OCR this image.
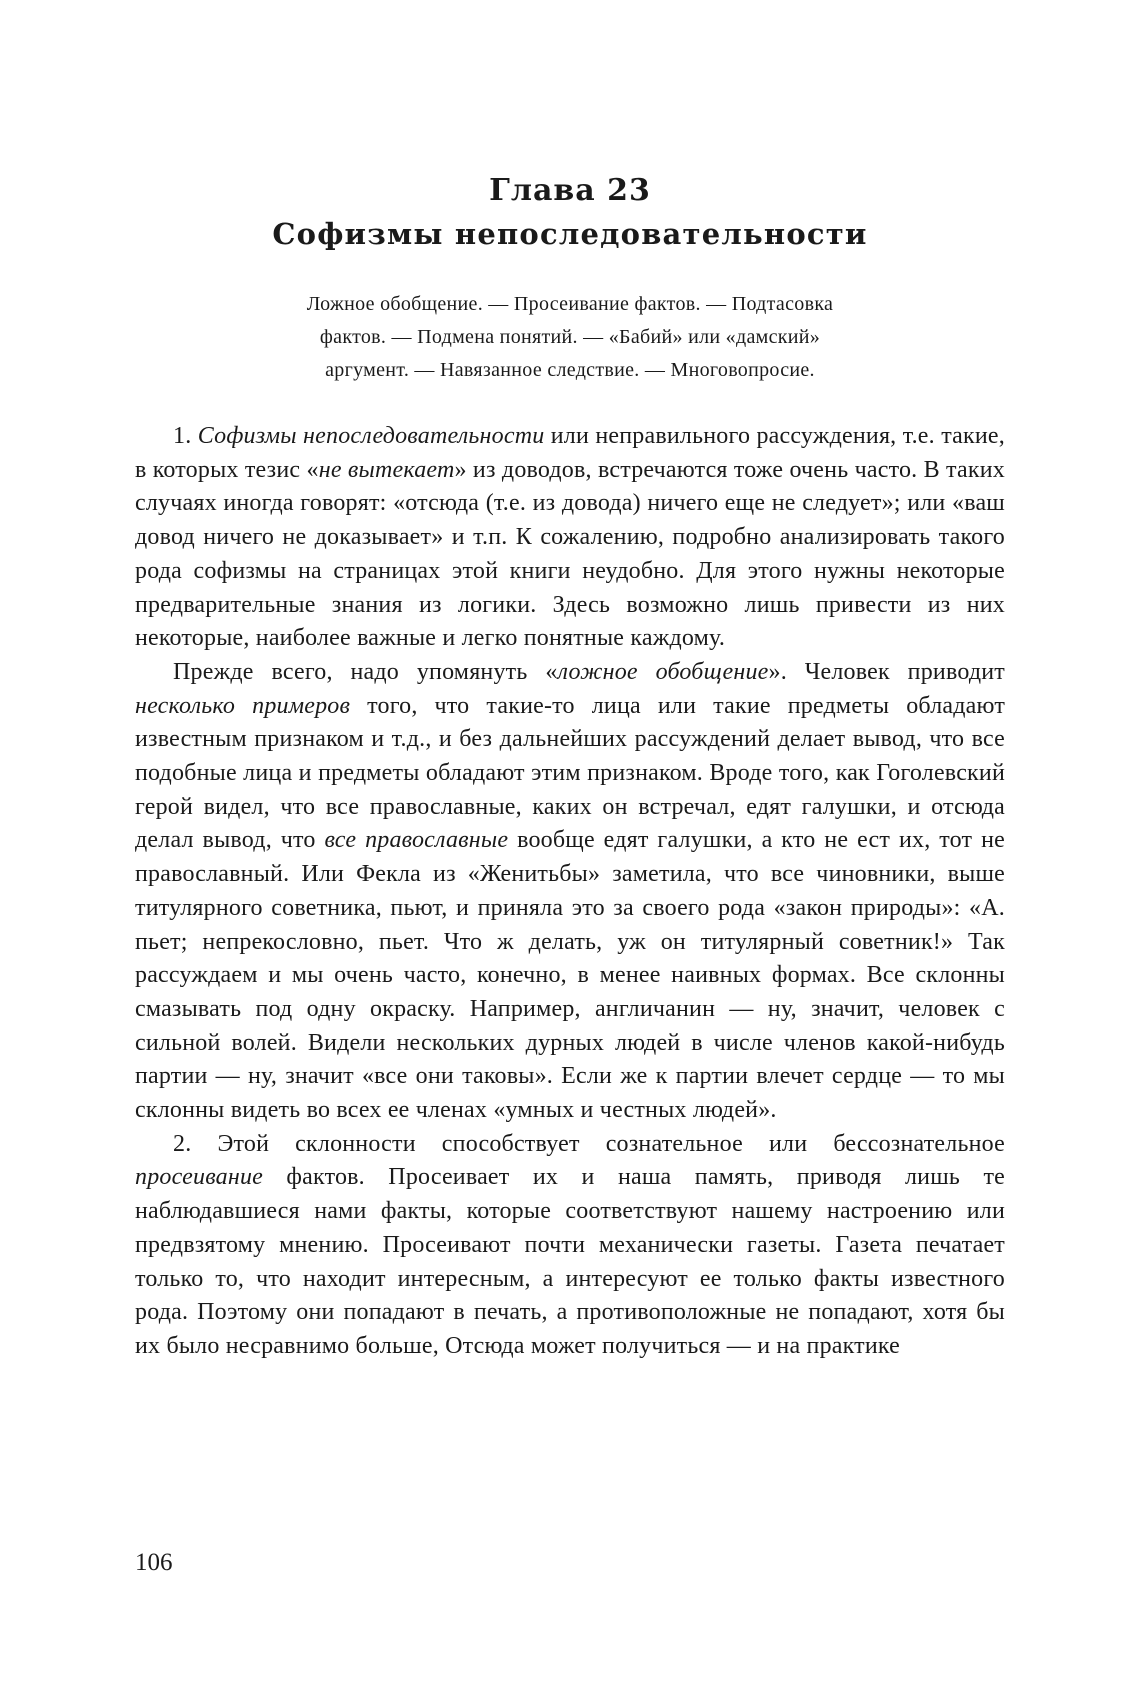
Глава 23
Софизмы непоследовательности
Ложное обобщение. — Просеивание фактов. — Подтасовка
фактов. — Подмена понятий. — «Бабий» или «дамский»
аргумент. — Навязанное следствие. — Многовопросие.

1. Софизмы непоследовательности или неправильного рассуждения, т.е. такие, в которых тезис «не вытекает» из доводов, встречаются тоже очень часто. В таких случаях иногда говорят: «отсюда (т.е. из довода) ничего еще не следует»; или «ваш довод ничего не доказывает» и т.п. К сожалению, подробно анализировать такого рода софизмы на страницах этой книги неудобно. Для этого нужны некоторые предварительные знания из логики. Здесь возможно лишь привести из них некоторые, наиболее важные и легко понятные каждому.

Прежде всего, надо упомянуть «ложное обобщение». Человек приводит несколько примеров того, что такие-то лица или такие предметы обладают известным признаком и т.д., и без дальнейших рассуждений делает вывод, что все подобные лица и предметы обладают этим признаком. Вроде того, как Гоголевский герой видел, что все православные, каких он встречал, едят галушки, и отсюда делал вывод, что все православные вообще едят галушки, а кто не ест их, тот не православный. Или Фекла из «Женитьбы» заметила, что все чиновники, выше титулярного советника, пьют, и приняла это за своего рода «закон природы»: «А. пьет; непрекословно, пьет. Что ж делать, уж он титулярный советник!» Так рассуждаем и мы очень часто, конечно, в менее наивных формах. Все склонны смазывать под одну окраску. Например, англичанин — ну, значит, человек с сильной волей. Видели нескольких дурных людей в числе членов какой-нибудь партии — ну, значит «все они таковы». Если же к партии влечет сердце — то мы склонны видеть во всех ее членах «умных и честных людей».

2. Этой склонности способствует сознательное или бессознательное просеивание фактов. Просеивает их и наша память, приводя лишь те наблюдавшиеся нами факты, которые соответствуют нашему настроению или предвзятому мнению. Просеивают почти механически газеты. Газета печатает только то, что находит интересным, а интересуют ее только факты известного рода. Поэтому они попадают в печать, а противоположные не попадают, хотя бы их было несравнимо больше, Отсюда может получиться — и на практике

106
